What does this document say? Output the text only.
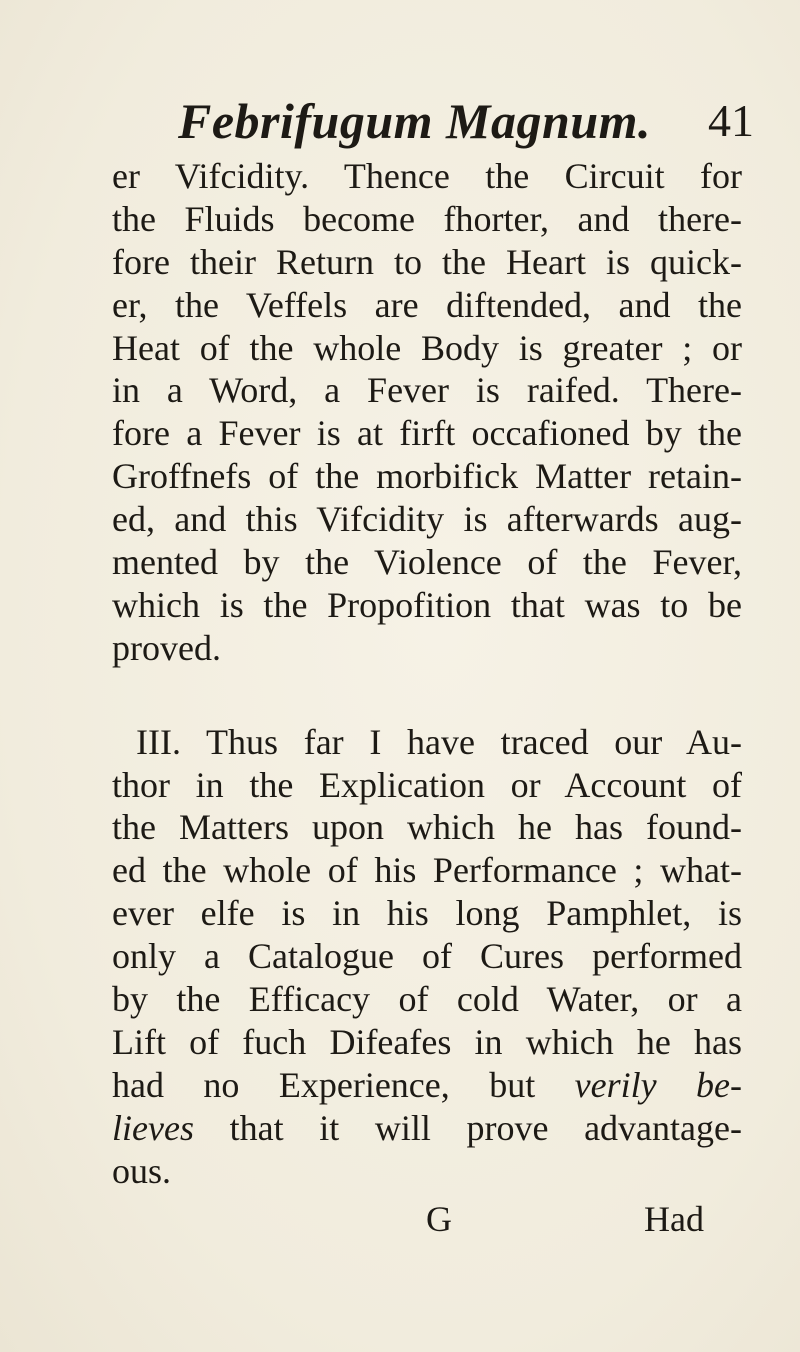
Febrifugum Magnum. 41
er Vifcidity. Thence the Circuit for
the Fluids become fhorter, and there-
fore their Return to the Heart is quick-
er, the Veffels are diftended, and the
Heat of the whole Body is greater ; or
in a Word, a Fever is raifed. There-
fore a Fever is at firft occafioned by the
Groffnefs of the morbifick Matter retain-
ed, and this Vifcidity is afterwards aug-
mented by the Violence of the Fever,
which is the Propofition that was to be
proved.
III. Thus far I have traced our Au-
thor in the Explication or Account of
the Matters upon which he has found-
ed the whole of his Performance ; what-
ever elfe is in his long Pamphlet, is
only a Catalogue of Cures performed
by the Efficacy of cold Water, or a
Lift of fuch Difeafes in which he has
had no Experience, but verily be-
lieves that it will prove advantage-
ous.
G	Had
